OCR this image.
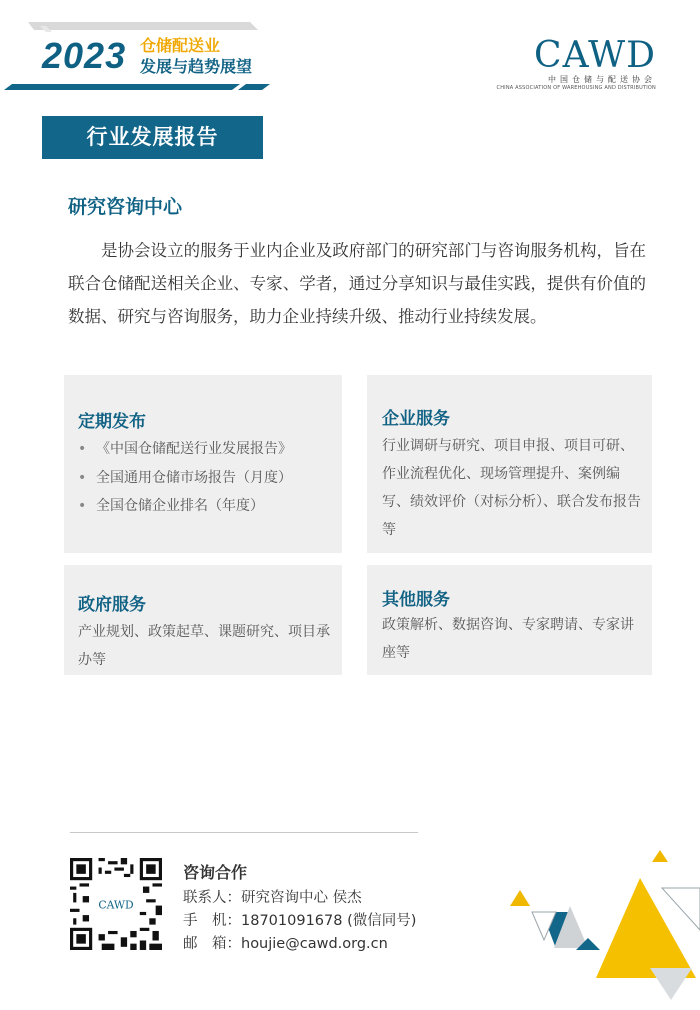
2023 仓储配送业
发展与趋势展望	CAWD
中国仓储与配送协会
CHINA ASSOCIATION OF WAREHOUSING AND DISTRIBUTION
行业发展报告
研究咨询中心
是协会设立的服务于业内企业及政府部门的研究部门与咨询服务机构，旨在联合仓储配送相关企业、专家、学者，通过分享知识与最佳实践，提供有价值的数据、研究与咨询服务，助力企业持续升级、推动行业持续发展。
定期发布
• 《中国仓储配送行业发展报告》
• 全国通用仓储市场报告（月度）
• 全国仓储企业排名（年度）
企业服务
行业调研与研究、项目申报、项目可研、作业流程优化、现场管理提升、案例编写、绩效评价（对标分析）、联合发布报告等
政府服务
产业规划、政策起草、课题研究、项目承办等
其他服务
政策解析、数据咨询、专家聘请、专家讲座等
CAWD
咨询合作
联系人：研究咨询中心 侯杰
手　机：18701091678 (微信同号)
邮　箱：houjie@cawd.org.cn
